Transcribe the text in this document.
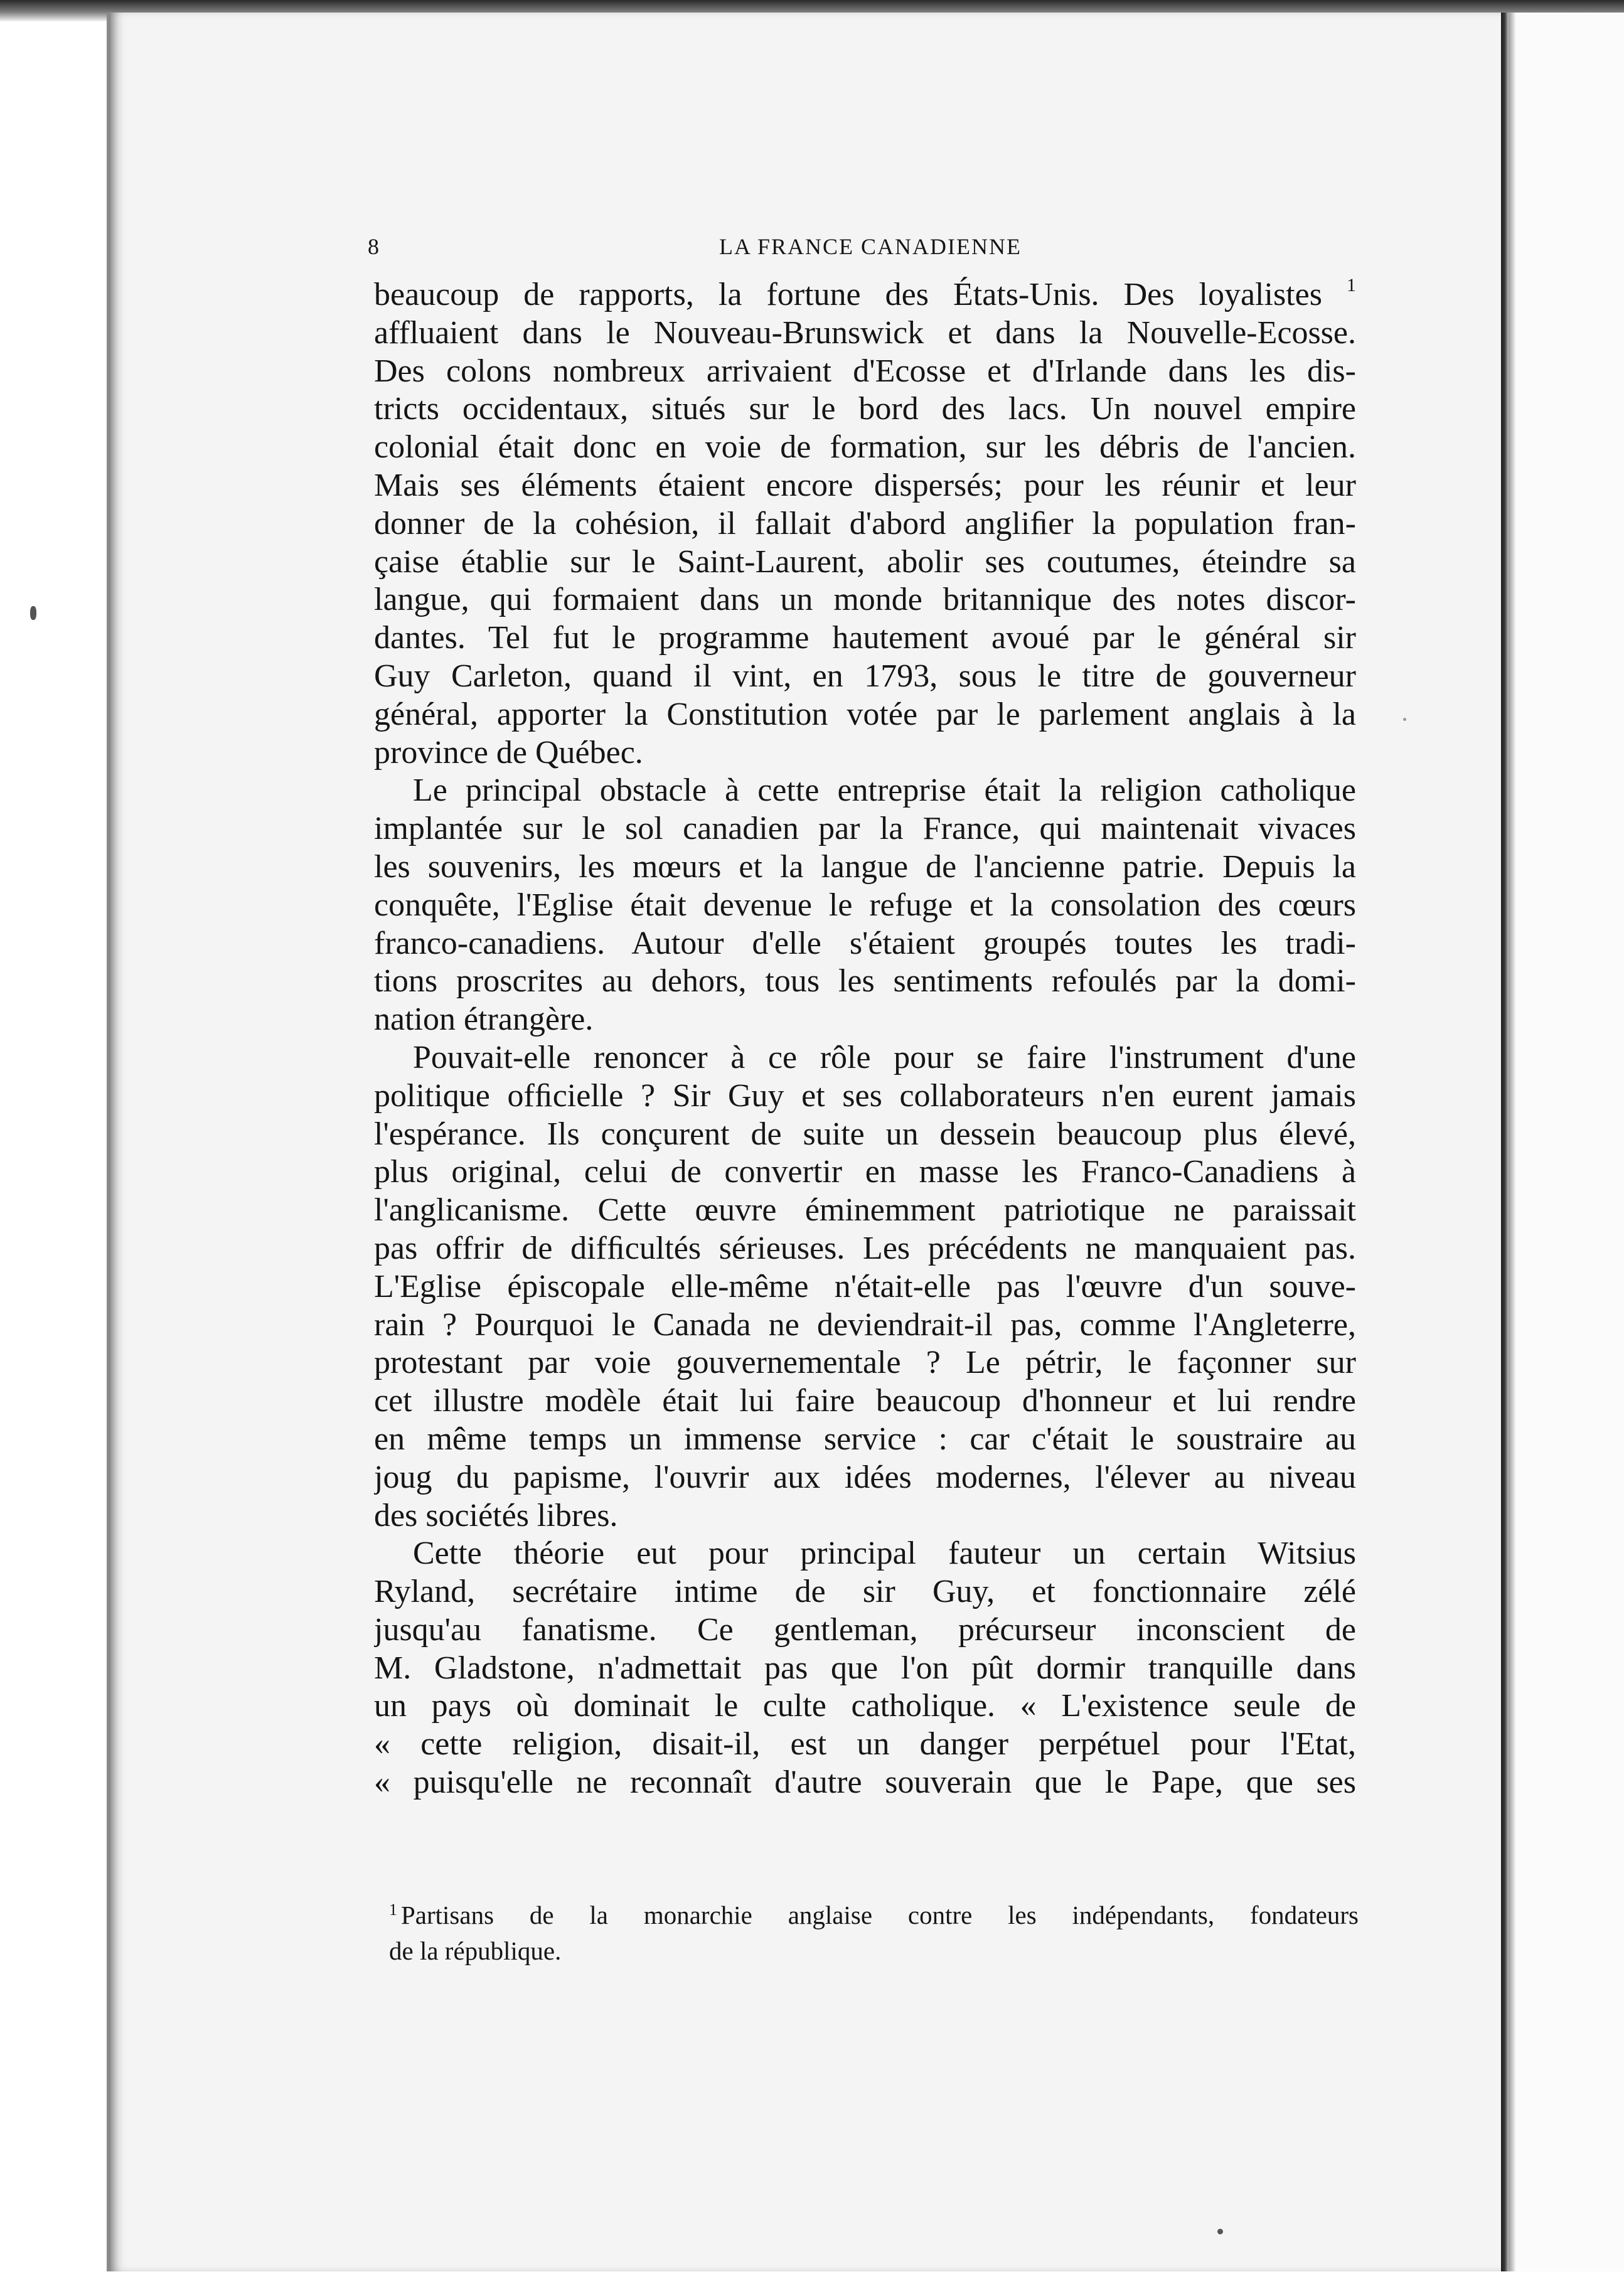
8	LA FRANCE CANADIENNE
beaucoup de rapports, la fortune des États-Unis. Des loyalistes $^1$
affluaient dans le Nouveau-Brunswick et dans la Nouvelle-Ecosse.
Des colons nombreux arrivaient d'Ecosse et d'Irlande dans les dis-
tricts occidentaux, situés sur le bord des lacs. Un nouvel empire
colonial était donc en voie de formation, sur les débris de l'ancien.
Mais ses éléments étaient encore dispersés; pour les réunir et leur
donner de la cohésion, il fallait d'abord angliﬁer la population fran-
çaise établie sur le Saint-Laurent, abolir ses coutumes, éteindre sa
langue, qui formaient dans un monde britannique des notes discor-
dantes. Tel fut le programme hautement avoué par le général sir
Guy Carleton, quand il vint, en 1793, sous le titre de gouverneur
général, apporter la Constitution votée par le parlement anglais à la
province de Québec.
Le principal obstacle à cette entreprise était la religion catholique
implantée sur le sol canadien par la France, qui maintenait vivaces
les souvenirs, les mœurs et la langue de l'ancienne patrie. Depuis la
conquête, l'Eglise était devenue le refuge et la consolation des cœurs
franco-canadiens. Autour d'elle s'étaient groupés toutes les tradi-
tions proscrites au dehors, tous les sentiments refoulés par la domi-
nation étrangère.
Pouvait-elle renoncer à ce rôle pour se faire l'instrument d'une
politique ofﬁcielle ? Sir Guy et ses collaborateurs n'en eurent jamais
l'espérance. Ils conçurent de suite un dessein beaucoup plus élevé,
plus original, celui de convertir en masse les Franco-Canadiens à
l'anglicanisme. Cette œuvre éminemment patriotique ne paraissait
pas offrir de difﬁcultés sérieuses. Les précédents ne manquaient pas.
L'Eglise épiscopale elle-même n'était-elle pas l'œuvre d'un souve-
rain ? Pourquoi le Canada ne deviendrait-il pas, comme l'Angleterre,
protestant par voie gouvernementale ? Le pétrir, le façonner sur
cet illustre modèle était lui faire beaucoup d'honneur et lui rendre
en même temps un immense service : car c'était le soustraire au
joug du papisme, l'ouvrir aux idées modernes, l'élever au niveau
des sociétés libres.
Cette théorie eut pour principal fauteur un certain Witsius
Ryland, secrétaire intime de sir Guy, et fonctionnaire zélé
jusqu'au fanatisme. Ce gentleman, précurseur inconscient de
M. Gladstone, n'admettait pas que l'on pût dormir tranquille dans
un pays où dominait le culte catholique. « L'existence seule de
« cette religion, disait-il, est un danger perpétuel pour l'Etat,
« puisqu'elle ne reconnaît d'autre souverain que le Pape, que ses
$^1$ Partisans de la monarchie anglaise contre les indépendants, fondateurs
de la république.
